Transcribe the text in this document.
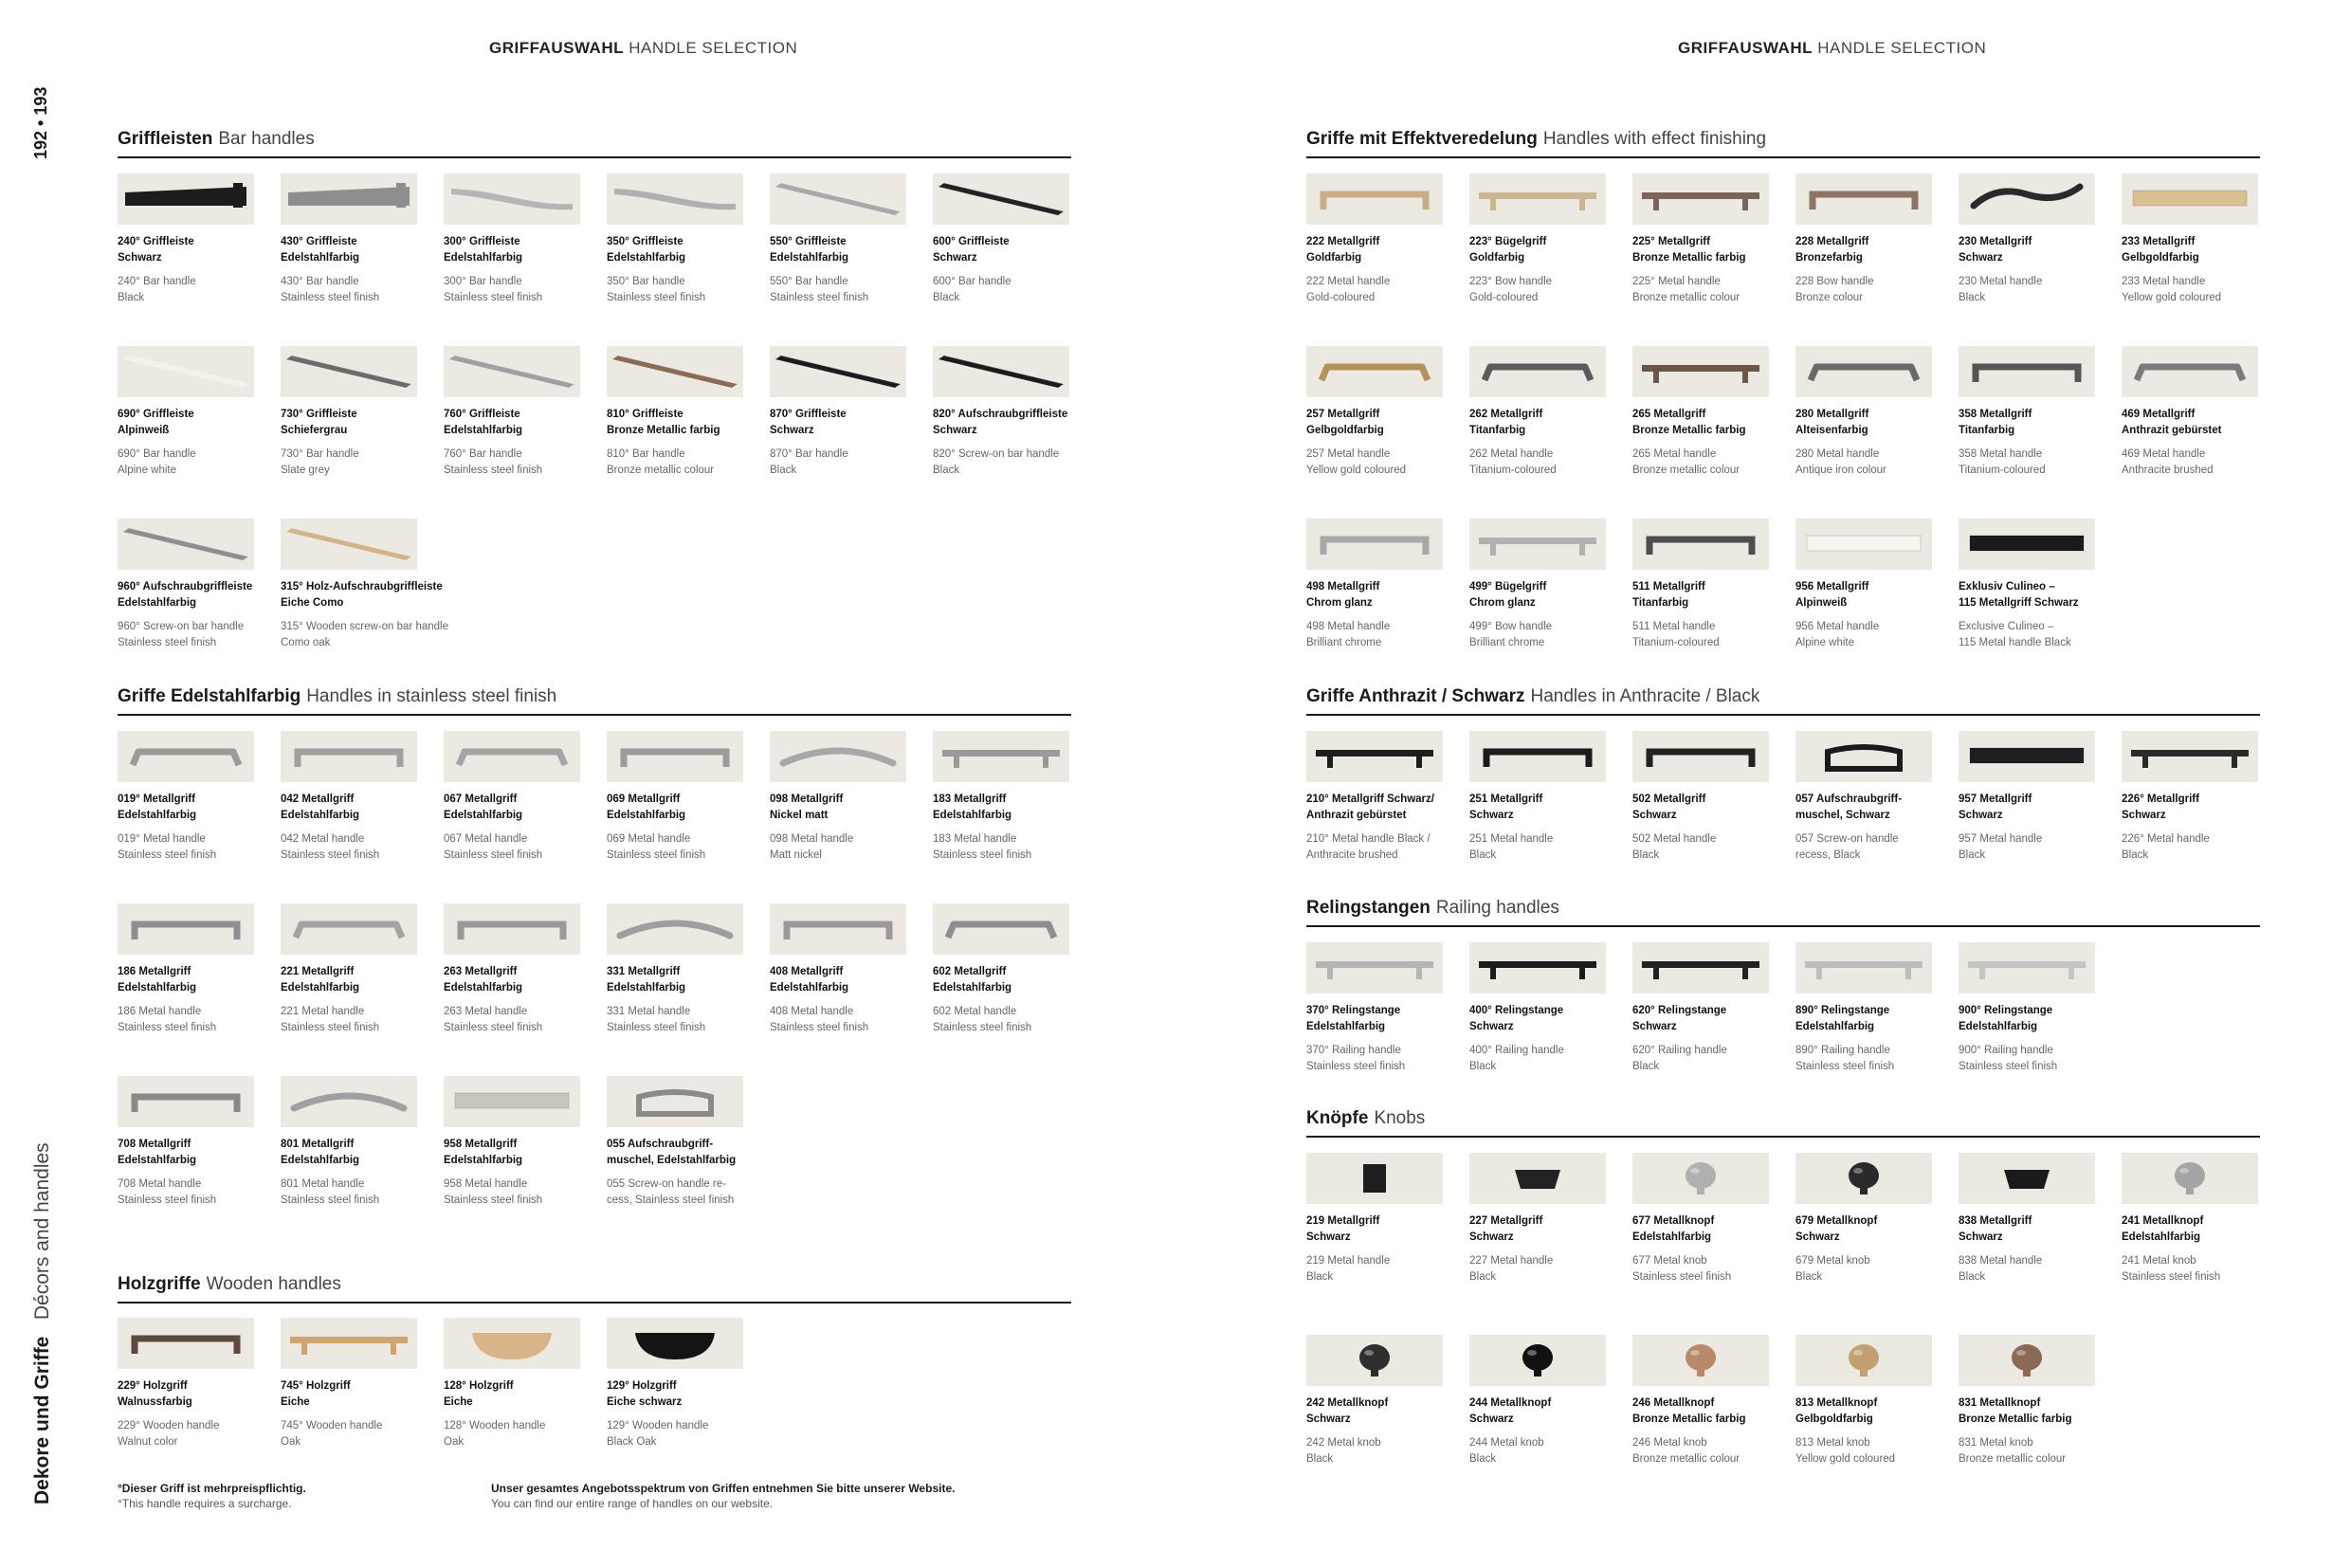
GRIFFAUSWAHL HANDLE SELECTION
192 • 193
Dekore und Griffe   Décors and handles
Griffleisten Bar handles
240° Griffleiste
Schwarz
240° Bar handle
Black
430° Griffleiste
Edelstahlfarbig
430° Bar handle
Stainless steel finish
300° Griffleiste
Edelstahlfarbig
300° Bar handle
Stainless steel finish
350° Griffleiste
Edelstahlfarbig
350° Bar handle
Stainless steel finish
550° Griffleiste
Edelstahlfarbig
550° Bar handle
Stainless steel finish
600° Griffleiste
Schwarz
600° Bar handle
Black
690° Griffleiste
Alpinweiß
690° Bar handle
Alpine white
730° Griffleiste
Schiefergrau
730° Bar handle
Slate grey
760° Griffleiste
Edelstahlfarbig
760° Bar handle
Stainless steel finish
810° Griffleiste
Bronze Metallic farbig
810° Bar handle
Bronze metallic colour
870° Griffleiste
Schwarz
870° Bar handle
Black
820° Aufschraubgriffleiste
Schwarz
820° Screw-on bar handle
Black
960° Aufschraubgriffleiste
Edelstahlfarbig
960° Screw-on bar handle
Stainless steel finish
315° Holz-Aufschraubgriffleiste
Eiche Como
315° Wooden screw-on bar handle
Como oak
Griffe Edelstahlfarbig Handles in stainless steel finish
019° Metallgriff
Edelstahlfarbig
019° Metal handle
Stainless steel finish
042 Metallgriff
Edelstahlfarbig
042 Metal handle
Stainless steel finish
067 Metallgriff
Edelstahlfarbig
067 Metal handle
Stainless steel finish
069 Metallgriff
Edelstahlfarbig
069 Metal handle
Stainless steel finish
098 Metallgriff
Nickel matt
098 Metal handle
Matt nickel
183 Metallgriff
Edelstahlfarbig
183 Metal handle
Stainless steel finish
186 Metallgriff
Edelstahlfarbig
186 Metal handle
Stainless steel finish
221 Metallgriff
Edelstahlfarbig
221 Metal handle
Stainless steel finish
263 Metallgriff
Edelstahlfarbig
263 Metal handle
Stainless steel finish
331 Metallgriff
Edelstahlfarbig
331 Metal handle
Stainless steel finish
408 Metallgriff
Edelstahlfarbig
408 Metal handle
Stainless steel finish
602 Metallgriff
Edelstahlfarbig
602 Metal handle
Stainless steel finish
708 Metallgriff
Edelstahlfarbig
708 Metal handle
Stainless steel finish
801 Metallgriff
Edelstahlfarbig
801 Metal handle
Stainless steel finish
958 Metallgriff
Edelstahlfarbig
958 Metal handle
Stainless steel finish
055 Aufschraubgriff-
muschel, Edelstahlfarbig
055 Screw-on handle re-
cess, Stainless steel finish
Holzgriffe Wooden handles
229° Holzgriff
Walnussfarbig
229° Wooden handle
Walnut color
745° Holzgriff
Eiche
745° Wooden handle
Oak
128° Holzgriff
Eiche
128° Wooden handle
Oak
129° Holzgriff
Eiche schwarz
129° Wooden handle
Black Oak
°Dieser Griff ist mehrpreispflichtig.
°This handle requires a surcharge.
Unser gesamtes Angebotsspektrum von Griffen entnehmen Sie bitte unserer Website.
You can find our entire range of handles on our website.
GRIFFAUSWAHL HANDLE SELECTION
Griffe mit Effektveredelung Handles with effect finishing
222 Metallgriff
Goldfarbig
222 Metal handle
Gold-coloured
223° Bügelgriff
Goldfarbig
223° Bow handle
Gold-coloured
225° Metallgriff
Bronze Metallic farbig
225° Metal handle
Bronze metallic colour
228 Metallgriff
Bronzefarbig
228 Bow handle
Bronze colour
230 Metallgriff
Schwarz
230 Metal handle
Black
233 Metallgriff
Gelbgoldfarbig
233 Metal handle
Yellow gold coloured
257 Metallgriff
Gelbgoldfarbig
257 Metal handle
Yellow gold coloured
262 Metallgriff
Titanfarbig
262 Metal handle
Titanium-coloured
265 Metallgriff
Bronze Metallic farbig
265 Metal handle
Bronze metallic colour
280 Metallgriff
Alteisenfarbig
280 Metal handle
Antique iron colour
358 Metallgriff
Titanfarbig
358 Metal handle
Titanium-coloured
469 Metallgriff
Anthrazit gebürstet
469 Metal handle
Anthracite brushed
498 Metallgriff
Chrom glanz
498 Metal handle
Brilliant chrome
499° Bügelgriff
Chrom glanz
499° Bow handle
Brilliant chrome
511 Metallgriff
Titanfarbig
511 Metal handle
Titanium-coloured
956 Metallgriff
Alpinweiß
956 Metal handle
Alpine white
Exklusiv Culineo –
115 Metallgriff Schwarz
Exclusive Culineo –
115 Metal handle Black
Griffe Anthrazit / Schwarz Handles in Anthracite / Black
210° Metallgriff Schwarz/
Anthrazit gebürstet
210° Metal handle Black /
Anthracite brushed
251 Metallgriff
Schwarz
251 Metal handle
Black
502 Metallgriff
Schwarz
502 Metal handle
Black
057 Aufschraubgriff-
muschel, Schwarz
057 Screw-on handle
recess, Black
957 Metallgriff
Schwarz
957 Metal handle
Black
226° Metallgriff
Schwarz
226° Metal handle
Black
Relingstangen Railing handles
370° Relingstange
Edelstahlfarbig
370° Railing handle
Stainless steel finish
400° Relingstange
Schwarz
400° Railing handle
Black
620° Relingstange
Schwarz
620° Railing handle
Black
890° Relingstange
Edelstahlfarbig
890° Railing handle
Stainless steel finish
900° Relingstange
Edelstahlfarbig
900° Railing handle
Stainless steel finish
Knöpfe Knobs
219 Metallgriff
Schwarz
219 Metal handle
Black
227 Metallgriff
Schwarz
227 Metal handle
Black
677 Metallknopf
Edelstahlfarbig
677 Metal knob
Stainless steel finish
679 Metallknopf
Schwarz
679 Metal knob
Black
838 Metallgriff
Schwarz
838 Metal handle
Black
241 Metallknopf
Edelstahlfarbig
241 Metal knob
Stainless steel finish
242 Metallknopf
Schwarz
242 Metal knob
Black
244 Metallknopf
Schwarz
244 Metal knob
Black
246 Metallknopf
Bronze Metallic farbig
246 Metal knob
Bronze metallic colour
813 Metallknopf
Gelbgoldfarbig
813 Metal knob
Yellow gold coloured
831 Metallknopf
Bronze Metallic farbig
831 Metal knob
Bronze metallic colour
